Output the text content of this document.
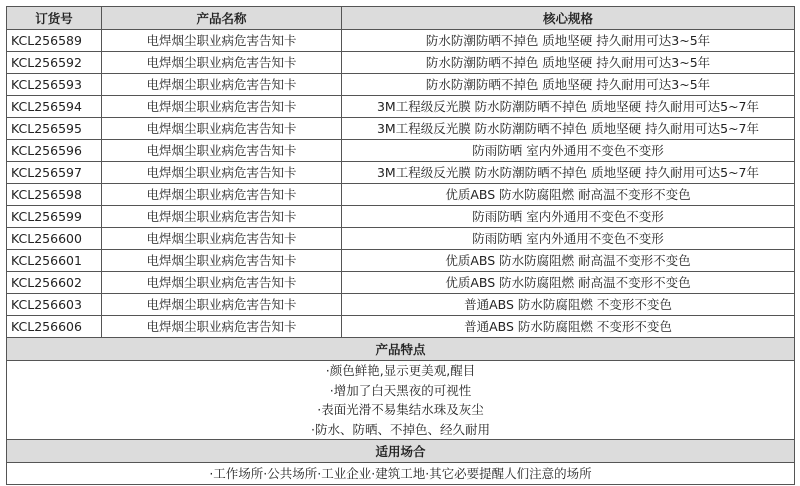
订货号	产品名称	核心规格
KCL256589	电焊烟尘职业病危害告知卡	防水防潮防晒不掉色 质地坚硬 持久耐用可达3~5年
KCL256592	电焊烟尘职业病危害告知卡	防水防潮防晒不掉色 质地坚硬 持久耐用可达3~5年
KCL256593	电焊烟尘职业病危害告知卡	防水防潮防晒不掉色 质地坚硬 持久耐用可达3~5年
KCL256594	电焊烟尘职业病危害告知卡	3M工程级反光膜 防水防潮防晒不掉色 质地坚硬 持久耐用可达5~7年
KCL256595	电焊烟尘职业病危害告知卡	3M工程级反光膜 防水防潮防晒不掉色 质地坚硬 持久耐用可达5~7年
KCL256596	电焊烟尘职业病危害告知卡	防雨防晒 室内外通用不变色不变形
KCL256597	电焊烟尘职业病危害告知卡	3M工程级反光膜 防水防潮防晒不掉色 质地坚硬 持久耐用可达5~7年
KCL256598	电焊烟尘职业病危害告知卡	优质ABS 防水防腐阻燃 耐高温不变形不变色
KCL256599	电焊烟尘职业病危害告知卡	防雨防晒 室内外通用不变色不变形
KCL256600	电焊烟尘职业病危害告知卡	防雨防晒 室内外通用不变色不变形
KCL256601	电焊烟尘职业病危害告知卡	优质ABS 防水防腐阻燃 耐高温不变形不变色
KCL256602	电焊烟尘职业病危害告知卡	优质ABS 防水防腐阻燃 耐高温不变形不变色
KCL256603	电焊烟尘职业病危害告知卡	普通ABS 防水防腐阻燃 不变形不变色
KCL256606	电焊烟尘职业病危害告知卡	普通ABS 防水防腐阻燃 不变形不变色
产品特点		

·颜色鲜艳,显示更美观,醒目
·增加了白天黑夜的可视性
·表面光滑不易集结水珠及灰尘
·防水、防晒、不掉色、经久耐用		

适用场合		
·工作场所·公共场所·工业企业·建筑工地·其它必要提醒人们注意的场所		
